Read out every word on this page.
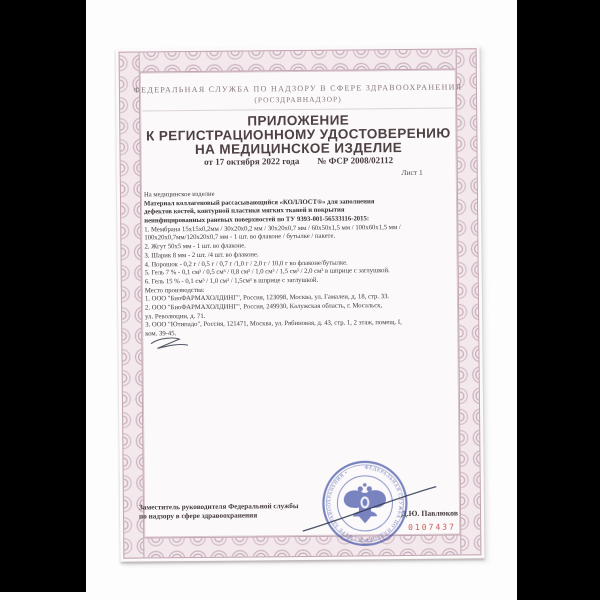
ФЕДЕРАЛЬНАЯ СЛУЖБА ПО НАДЗОРУ В СФЕРЕ ЗДРАВООХРАНЕНИЯ
(РОСЗДРАВНАДЗОР)
ПРИЛОЖЕНИЕ
К РЕГИСТРАЦИОННОМУ УДОСТОВЕРЕНИЮ
НА МЕДИЦИНСКОЕ ИЗДЕЛИЕ
от 17 октября 2022 года № ФСР 2008/02112
Лист 1
На медицинское изделие
Материал коллагеновый рассасывающийся «КОЛЛОСТ®» для заполнения
дефектов костей, контурной пластики мягких тканей и покрытия
неинфицированных раневых поверхностей по ТУ 9393-001-56533116-2015:
1. Мембрана 15х15х0,2мм / 30х20х0,2 мм / 30х20х0,7 мм / 60х50х1,5 мм / 100х60х1,5 мм /
100х20х0,7мм/120х20х0,7 мм - 1 шт. во флаконе / бутылке / пакете.
2. Жгут 50х5 мм - 1 шт. во флаконе.
3. Шарик 8 мм - 2 шт. /4 шт. во флаконе.
4. Порошок - 0,2 г / 0,5 г / 0,7 г /1,0 г / 2,0 г / 10,0 г во флаконе/бутылке.
5. Гель 7 % - 0,1 см³ / 0,5 см³ / 0,8 см³ / 1,0 см³ / 1,5 см³ / 2,0 см³ в шприце с заглушкой.
6. Гель 15 % - 0,1 см³ / 1,0 см³ / 1,5см³ в шприце с заглушкой.
Место производства:
1. ООО "БиоФАРМАХОЛДИНГ", Россия, 123098, Москва, ул. Гамалеи, д. 18, стр. 33.
2. ООО "БиоФАРМАХОЛДИНГ", Россия, 249930, Калужская область, г. Мосальск,
ул. Революции, д. 71.
3. ООО "Ютипадо", Россия, 121471, Москва, ул. Рябиновая, д. 43, стр. 1, 2 этаж, помещ. I,
ком. 39-45.
Заместитель руководителя Федеральной службы
по надзору в сфере здравоохранения	Д.Ю. Павлюков
0107437
ФЕДЕРАЛЬНАЯ СЛУЖБА ПО НАДЗОРУ В СФЕРЕ ЗДРАВООХРАНЕНИЯ •
